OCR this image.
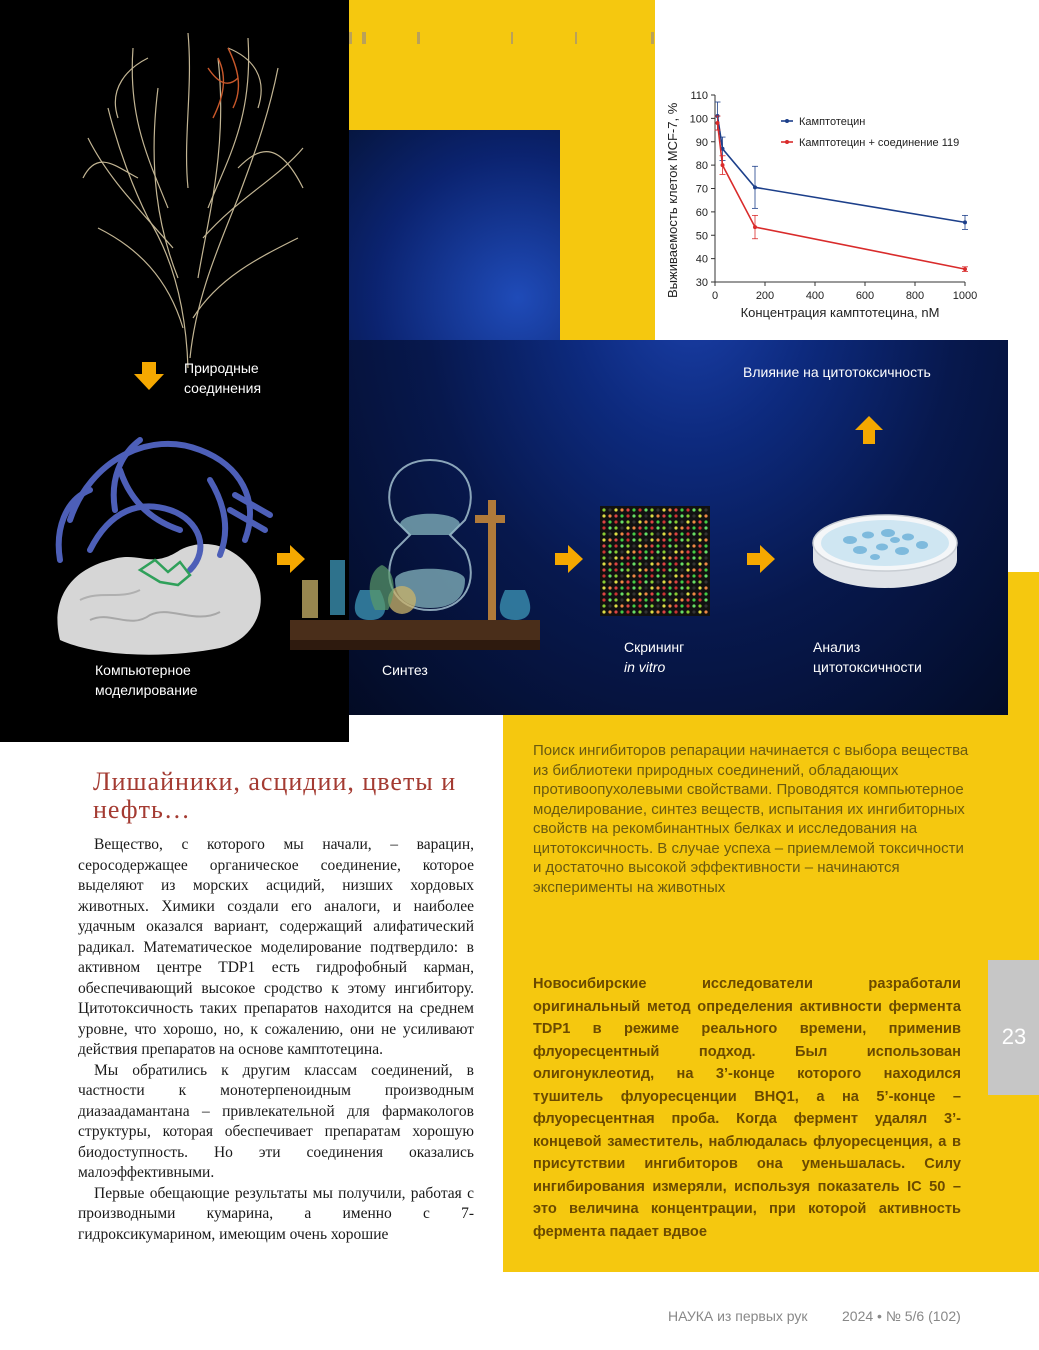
Природные
соединения
Компьютерное
моделирование
Синтез
Скрининг
in vitro
Анализ
цитотоксичности
Влияние на цитотоксичность
Выживаемость клеток MCF-7, %
Концентрация камптотецина, nM
30
40
50
60
70
80
90
100
110
0	200	400	600	800	1000
Камптотецин
Камптотецин + соединение 119
Лишайники, асцидии, цветы и нефть…

Вещество, с которого мы начали, – варацин, серосодержащее органическое соединение, которое выделяют из морских асцидий, низших хордовых животных. Химики создали его аналоги, и наиболее удачным оказался вариант, содержащий алифатический радикал. Математическое моделирование подтвердило: в активном центре TDP1 есть гидрофобный карман, обеспечивающий высокое сродство к этому ингибитору. Цитотоксичность таких препаратов находится на среднем уровне, что хорошо, но, к сожалению, они не усиливают действия препаратов на основе камптотецина.

Мы обратились к другим классам соединений, в частности к монотерпеноидным производным диазаадамантана – привлекательной для фармакологов структуры, которая обеспечивает препаратам хорошую биодоступность. Но эти соединения оказались малоэффективными.

Первые обещающие результаты мы получили, работая с производными кумарина, а именно с 7-гидроксикумарином, имеющим очень хорошие

Поиск ингибиторов репарации начинается с выбора вещества из библиотеки природных соединений, обладающих противоопухолевыми свойствами. Проводятся компьютерное моделирование, синтез веществ, испытания их ингибиторных свойств на рекомбинантных белках и исследования на цитотоксичность. В случае успеха – приемлемой токсичности и достаточно высокой эффективности – начинаются эксперименты на животных
Новосибирские исследователи разработали оригинальный метод определения активности фермента TDP1 в режиме реального времени, применив флуоресцентный подход. Был использован олигонуклеотид, на 3’-конце которого находился тушитель флуоресценции BHQ1, а на 5’-конце – флуоресцентная проба. Когда фермент удалял 3’-концевой заместитель, наблюдалась флуоресценция, а в присутствии ингибиторов она уменьшалась. Силу ингибирования измеряли, используя показатель IC 50 – это величина концентрации, при которой активность фермента падает вдвое
23
НАУКА из первых рук 2024 • № 5/6 (102)
